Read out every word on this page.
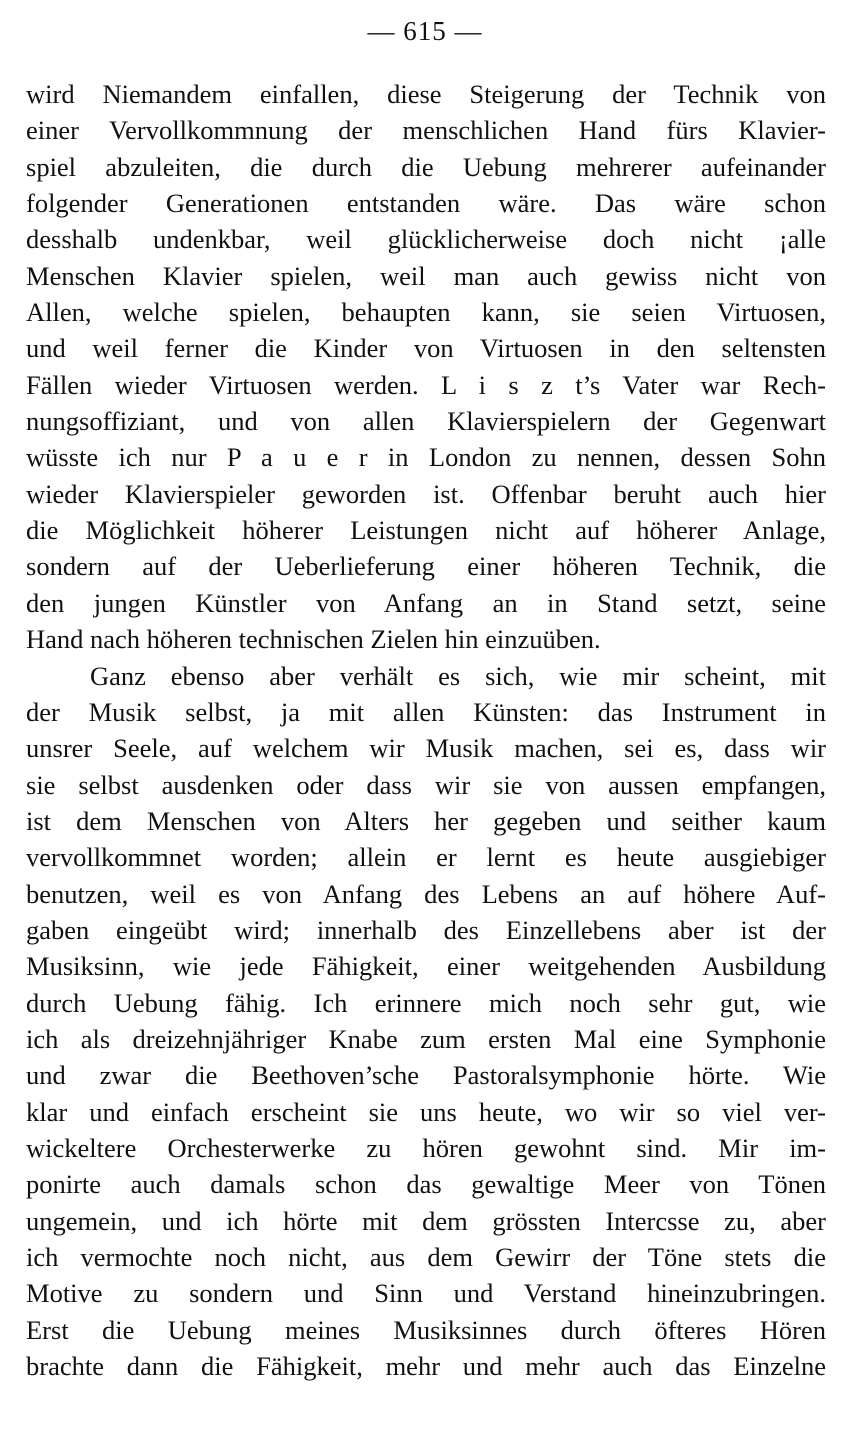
— 615 —
wird Niemandem einfallen, diese Steigerung der Technik von
einer Vervollkommnung der menschlichen Hand fürs Klavier-
spiel abzuleiten, die durch die Uebung mehrerer aufeinander
folgender Generationen entstanden wäre. Das wäre schon
desshalb undenkbar, weil glücklicherweise doch nicht ¡alle
Menschen Klavier spielen, weil man auch gewiss nicht von
Allen, welche spielen, behaupten kann, sie seien Virtuosen,
und weil ferner die Kinder von Virtuosen in den seltensten
Fällen wieder Virtuosen werden. L i s z t’s Vater war Rech-
nungsoffiziant, und von allen Klavierspielern der Gegenwart
wüsste ich nur P a u e r in London zu nennen, dessen Sohn
wieder Klavierspieler geworden ist. Offenbar beruht auch hier
die Möglichkeit höherer Leistungen nicht auf höherer Anlage,
sondern auf der Ueberlieferung einer höheren Technik, die
den jungen Künstler von Anfang an in Stand setzt, seine
Hand nach höheren technischen Zielen hin einzuüben.
Ganz ebenso aber verhält es sich, wie mir scheint, mit
der Musik selbst, ja mit allen Künsten: das Instrument in
unsrer Seele, auf welchem wir Musik machen, sei es, dass wir
sie selbst ausdenken oder dass wir sie von aussen empfangen,
ist dem Menschen von Alters her gegeben und seither kaum
vervollkommnet worden; allein er lernt es heute ausgiebiger
benutzen, weil es von Anfang des Lebens an auf höhere Auf-
gaben eingeübt wird; innerhalb des Einzellebens aber ist der
Musiksinn, wie jede Fähigkeit, einer weitgehenden Ausbildung
durch Uebung fähig. Ich erinnere mich noch sehr gut, wie
ich als dreizehnjähriger Knabe zum ersten Mal eine Symphonie
und zwar die Beethoven’sche Pastoralsymphonie hörte. Wie
klar und einfach erscheint sie uns heute, wo wir so viel ver-
wickeltere Orchesterwerke zu hören gewohnt sind. Mir im-
ponirte auch damals schon das gewaltige Meer von Tönen
ungemein, und ich hörte mit dem grössten Intercsse zu, aber
ich vermochte noch nicht, aus dem Gewirr der Töne stets die
Motive zu sondern und Sinn und Verstand hineinzubringen.
Erst die Uebung meines Musiksinnes durch öfteres Hören
brachte dann die Fähigkeit, mehr und mehr auch das Einzelne
